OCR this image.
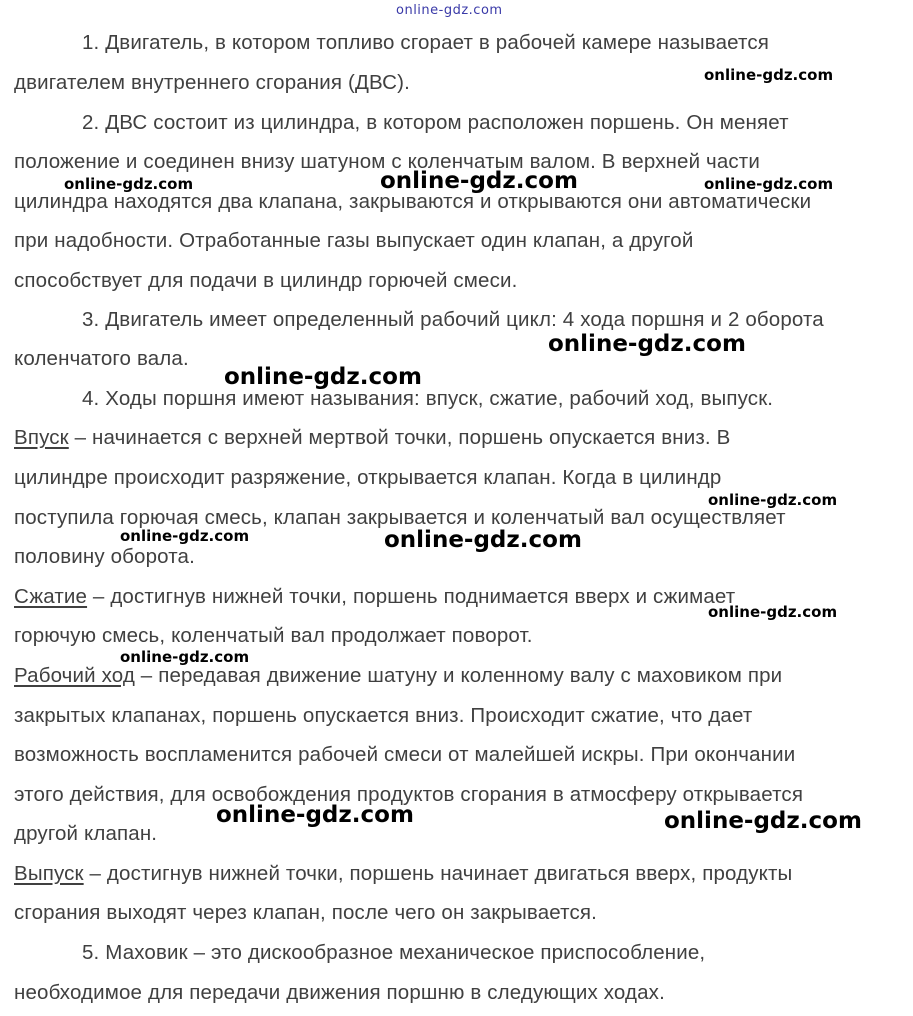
online-gdz.com
1. Двигатель, в котором топливо сгорает в рабочей камере называется
двигателем внутреннего сгорания (ДВС).
2. ДВС состоит из цилиндра, в котором расположен поршень. Он меняет
положение и соединен внизу шатуном с коленчатым валом. В верхней части
цилиндра находятся два клапана, закрываются и открываются они автоматически
при надобности. Отработанные газы выпускает один клапан, а другой
способствует для подачи в цилиндр горючей смеси.
3. Двигатель имеет определенный рабочий цикл: 4 хода поршня и 2 оборота
коленчатого вала.
4. Ходы поршня имеют называния: впуск, сжатие, рабочий ход, выпуск.
Впуск – начинается с верхней мертвой точки, поршень опускается вниз. В
цилиндре происходит разряжение, открывается клапан. Когда в цилиндр
поступила горючая смесь, клапан закрывается и коленчатый вал осуществляет
половину оборота.
Сжатие – достигнув нижней точки, поршень поднимается вверх и сжимает
горючую смесь, коленчатый вал продолжает поворот.
Рабочий ход – передавая движение шатуну и коленному валу с маховиком при
закрытых клапанах, поршень опускается вниз. Происходит сжатие, что дает
возможность воспламенится рабочей смеси от малейшей искры. При окончании
этого действия, для освобождения продуктов сгорания в атмосферу открывается
другой клапан.
Выпуск – достигнув нижней точки, поршень начинает двигаться вверх, продукты
сгорания выходят через клапан, после чего он закрывается.
5. Маховик – это дискообразное механическое приспособление,
необходимое для передачи движения поршню в следующих ходах.
online-gdz.com
online-gdz.com	online-gdz.com	online-gdz.com
online-gdz.com
online-gdz.com
online-gdz.com
online-gdz.com	online-gdz.com
online-gdz.com
online-gdz.com
online-gdz.com	online-gdz.com
